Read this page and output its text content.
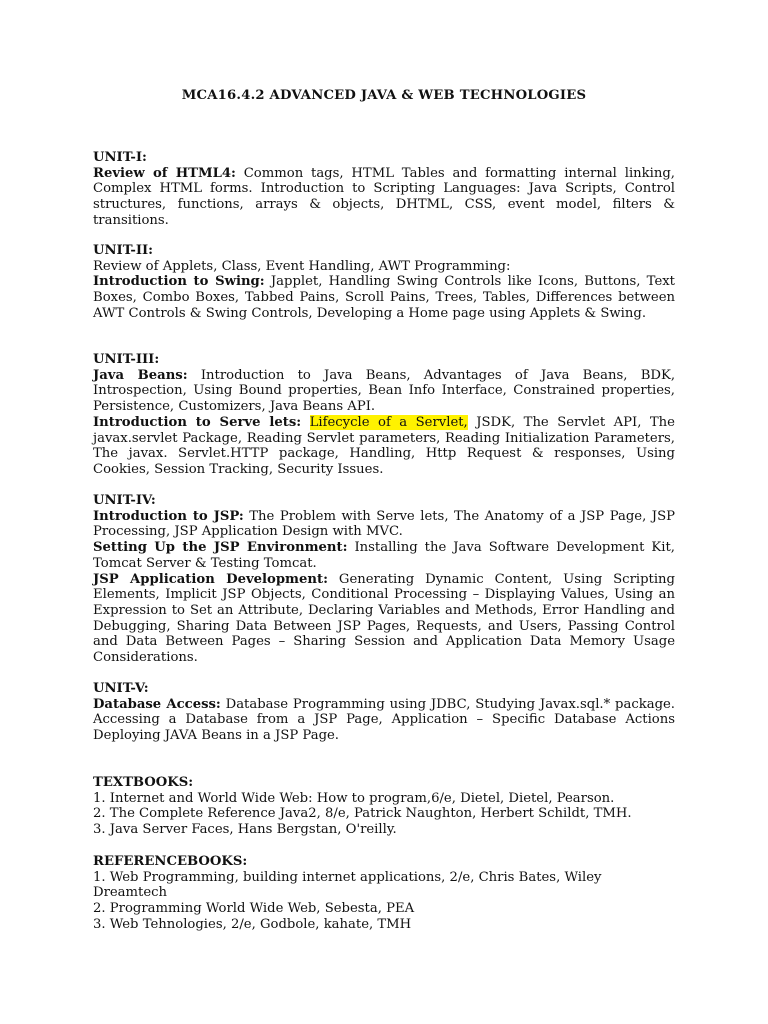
MCA16.4.2 ADVANCED JAVA & WEB TECHNOLOGIES
UNIT-I:
Review of HTML4: Common tags, HTML Tables and formatting internal linking, Complex HTML forms. Introduction to Scripting Languages: Java Scripts, Control structures, functions, arrays & objects, DHTML, CSS, event model, filters & transitions.
UNIT-II:
Review of Applets, Class, Event Handling, AWT Programming:
Introduction to Swing: Japplet, Handling Swing Controls like Icons, Buttons, Text Boxes, Combo Boxes, Tabbed Pains, Scroll Pains, Trees, Tables, Differences between AWT Controls & Swing Controls, Developing a Home page using Applets & Swing.
UNIT-III:
Java Beans: Introduction to Java Beans, Advantages of Java Beans, BDK, Introspection, Using Bound properties, Bean Info Interface, Constrained properties, Persistence, Customizers, Java Beans API.
Introduction to Serve lets: Lifecycle of a Servlet, JSDK, The Servlet API, The javax.servlet Package, Reading Servlet parameters, Reading Initialization Parameters, The javax. Servlet.HTTP package, Handling, Http Request & responses, Using Cookies, Session Tracking, Security Issues.
UNIT-IV:
Introduction to JSP: The Problem with Serve lets, The Anatomy of a JSP Page, JSP Processing, JSP Application Design with MVC.
Setting Up the JSP Environment: Installing the Java Software Development Kit, Tomcat Server & Testing Tomcat.
JSP Application Development: Generating Dynamic Content, Using Scripting Elements, Implicit JSP Objects, Conditional Processing – Displaying Values, Using an Expression to Set an Attribute, Declaring Variables and Methods, Error Handling and Debugging, Sharing Data Between JSP Pages, Requests, and Users, Passing Control and Data Between Pages – Sharing Session and Application Data Memory Usage Considerations.
UNIT-V:
Database Access: Database Programming using JDBC, Studying Javax.sql.* package. Accessing a Database from a JSP Page, Application – Specific Database Actions Deploying JAVA Beans in a JSP Page.
TEXTBOOKS:
1. Internet and World Wide Web: How to program,6/e, Dietel, Dietel, Pearson.
2. The Complete Reference Java2, 8/e, Patrick Naughton, Herbert Schildt, TMH.
3. Java Server Faces, Hans Bergstan, O'reilly.
REFERENCEBOOKS:
1. Web Programming, building internet applications, 2/e, Chris Bates, Wiley Dreamtech
2. Programming World Wide Web, Sebesta, PEA
3. Web Tehnologies, 2/e, Godbole, kahate, TMH
